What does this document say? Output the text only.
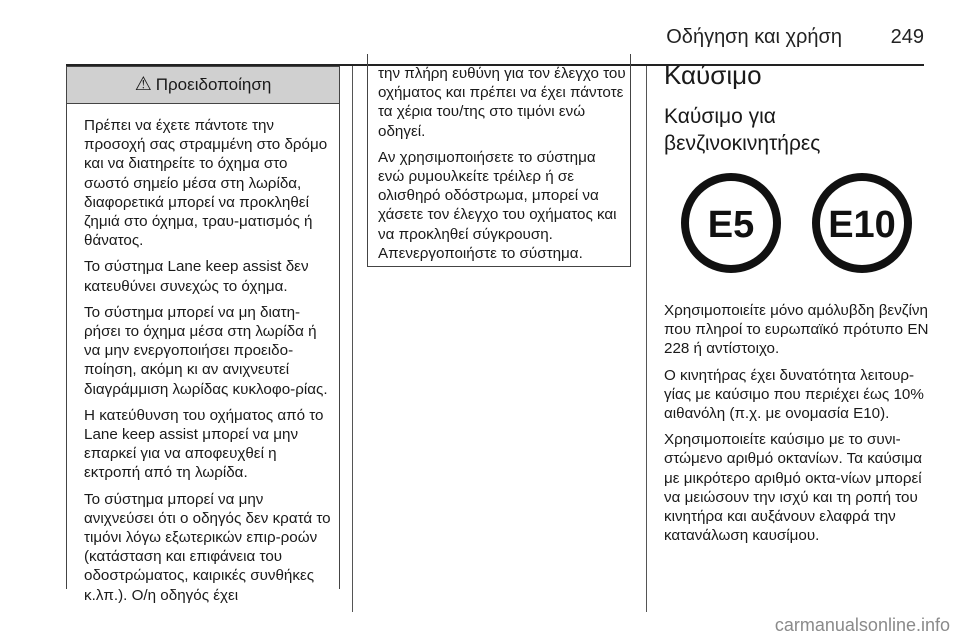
Οδήγηση και χρήση 249
⚠ Προειδοποίηση

Πρέπει να έχετε πάντοτε την προσοχή σας στραμμένη στο δρόμο και να διατηρείτε το όχημα στο σωστό σημείο μέσα στη λωρίδα, διαφορετικά μπορεί να προκληθεί ζημιά στο όχημα, τραυ-ματισμός ή θάνατος.

Το σύστημα Lane keep assist δεν κατευθύνει συνεχώς το όχημα.

Το σύστημα μπορεί να μη διατη-ρήσει το όχημα μέσα στη λωρίδα ή να μην ενεργοποιήσει προειδο-ποίηση, ακόμη κι αν ανιχνευτεί διαγράμμιση λωρίδας κυκλοφο-ρίας.

Η κατεύθυνση του οχήματος από το Lane keep assist μπορεί να μην επαρκεί για να αποφευχθεί η εκτροπή από τη λωρίδα.

Το σύστημα μπορεί να μην ανιχνεύσει ότι ο οδηγός δεν κρατά το τιμόνι λόγω εξωτερικών επιρ-ροών (κατάσταση και επιφάνεια του οδοστρώματος, καιρικές συνθήκες κ.λπ.). Ο/η οδηγός έχει

την πλήρη ευθύνη για τον έλεγχο του οχήματος και πρέπει να έχει πάντοτε τα χέρια του/της στο τιμόνι ενώ οδηγεί.

Αν χρησιμοποιήσετε το σύστημα ενώ ρυμουλκείτε τρέιλερ ή σε ολισθηρό οδόστρωμα, μπορεί να χάσετε τον έλεγχο του οχήματος και να προκληθεί σύγκρουση. Απενεργοποιήστε το σύστημα.

Καύσιμο
Καύσιμο για βενζινοκινητήρες
E5 E10

Χρησιμοποιείτε μόνο αμόλυβδη βενζίνη που πληροί το ευρωπαϊκό πρότυπο EN 228 ή αντίστοιχο.

Ο κινητήρας έχει δυνατότητα λειτουρ-γίας με καύσιμο που περιέχει έως 10% αιθανόλη (π.χ. με ονομασία E10).

Χρησιμοποιείτε καύσιμο με το συνι-στώμενο αριθμό οκτανίων. Τα καύσιμα με μικρότερο αριθμό οκτα-νίων μπορεί να μειώσουν την ισχύ και τη ροπή του κινητήρα και αυξάνουν ελαφρά την κατανάλωση καυσίμου.

carmanualsonline.info
